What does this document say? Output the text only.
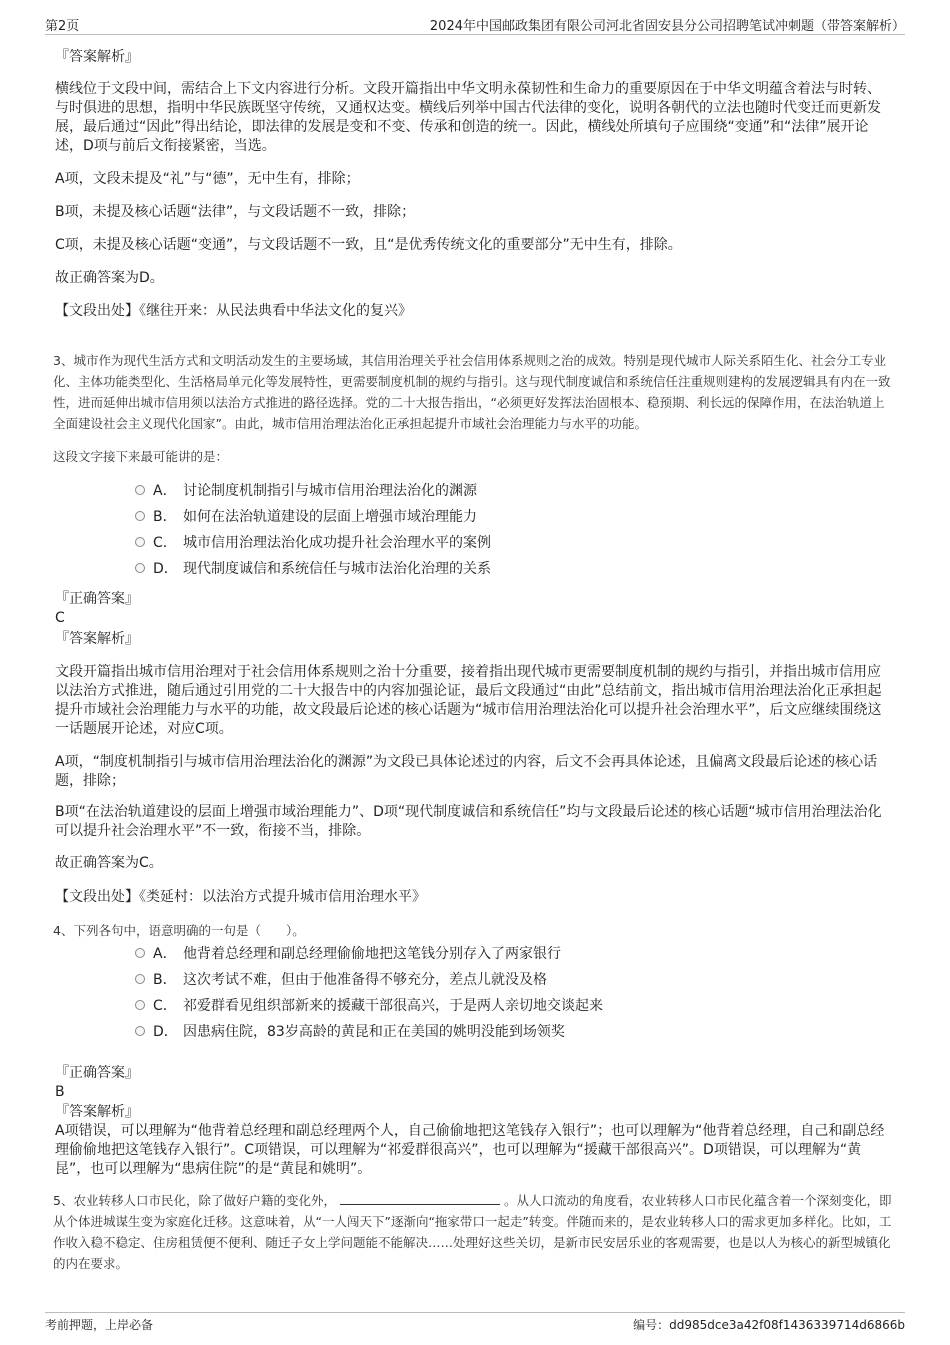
第2页	2024年中国邮政集团有限公司河北省固安县分公司招聘笔试冲刺题（带答案解析）
『答案解析』
横线位于文段中间，需结合上下文内容进行分析。文段开篇指出中华文明永葆韧性和生命力的重要原因在于中华文明蕴含着法与时转、与时俱进的思想，指明中华民族既坚守传统，又通权达变。横线后列举中国古代法律的变化，说明各朝代的立法也随时代变迁而更新发展，最后通过“因此”得出结论，即法律的发展是变和不变、传承和创造的统一。因此，横线处所填句子应围绕“变通”和“法律”展开论述，D项与前后文衔接紧密，当选。
A项，文段未提及“礼”与“德”，无中生有，排除；
B项，未提及核心话题“法律”，与文段话题不一致，排除；
C项，未提及核心话题“变通”，与文段话题不一致，且“是优秀传统文化的重要部分”无中生有，排除。
故正确答案为D。
【文段出处】《继往开来：从民法典看中华法文化的复兴》
3、城市作为现代生活方式和文明活动发生的主要场域，其信用治理关乎社会信用体系规则之治的成效。特别是现代城市人际关系陌生化、社会分工专业化、主体功能类型化、生活格局单元化等发展特性，更需要制度机制的规约与指引。这与现代制度诚信和系统信任注重规则建构的发展逻辑具有内在一致性，进而延伸出城市信用须以法治方式推进的路径选择。党的二十大报告指出，“必须更好发挥法治固根本、稳预期、利长远的保障作用，在法治轨道上全面建设社会主义现代化国家”。由此，城市信用治理法治化正承担起提升市域社会治理能力与水平的功能。
这段文字接下来最可能讲的是：
A． 讨论制度机制指引与城市信用治理法治化的渊源
B． 如何在法治轨道建设的层面上增强市域治理能力
C． 城市信用治理法治化成功提升社会治理水平的案例
D． 现代制度诚信和系统信任与城市法治化治理的关系
『正确答案』
C
『答案解析』
文段开篇指出城市信用治理对于社会信用体系规则之治十分重要，接着指出现代城市更需要制度机制的规约与指引，并指出城市信用应以法治方式推进，随后通过引用党的二十大报告中的内容加强论证，最后文段通过“由此”总结前文，指出城市信用治理法治化正承担起提升市域社会治理能力与水平的功能，故文段最后论述的核心话题为“城市信用治理法治化可以提升社会治理水平”，后文应继续围绕这一话题展开论述，对应C项。
A项，“制度机制指引与城市信用治理法治化的渊源”为文段已具体论述过的内容，后文不会再具体论述，且偏离文段最后论述的核心话题，排除；
B项“在法治轨道建设的层面上增强市域治理能力”、D项“现代制度诚信和系统信任”均与文段最后论述的核心话题“城市信用治理法治化可以提升社会治理水平”不一致，衔接不当，排除。
故正确答案为C。
【文段出处】《类延村：以法治方式提升城市信用治理水平》
4、下列各句中，语意明确的一句是（　　）。
A． 他背着总经理和副总经理偷偷地把这笔钱分别存入了两家银行
B． 这次考试不难，但由于他准备得不够充分，差点儿就没及格
C． 祁爱群看见组织部新来的援藏干部很高兴，于是两人亲切地交谈起来
D． 因患病住院，83岁高龄的黄昆和正在美国的姚明没能到场领奖
『正确答案』
B
『答案解析』
A项错误，可以理解为“他背着总经理和副总经理两个人，自己偷偷地把这笔钱存入银行”；也可以理解为“他背着总经理，自己和副总经理偷偷地把这笔钱存入银行”。C项错误，可以理解为“祁爱群很高兴”，也可以理解为“援藏干部很高兴”。D项错误，可以理解为“黄昆”，也可以理解为“患病住院”的是“黄昆和姚明”。
5、农业转移人口市民化，除了做好户籍的变化外，	。从人口流动的角度看，农业转移人口市民化蕴含着一个深刻变化，即从个体进城谋生变为家庭化迁移。这意味着，从“一人闯天下”逐渐向“拖家带口一起走”转变。伴随而来的，是农业转移人口的需求更加多样化。比如，工作收入稳不稳定、住房租赁便不便利、随迁子女上学问题能不能解决……处理好这些关切，是新市民安居乐业的客观需要，也是以人为核心的新型城镇化的内在要求。
考前押题，上岸必备	编号：dd985dce3a42f08f1436339714d6866b
